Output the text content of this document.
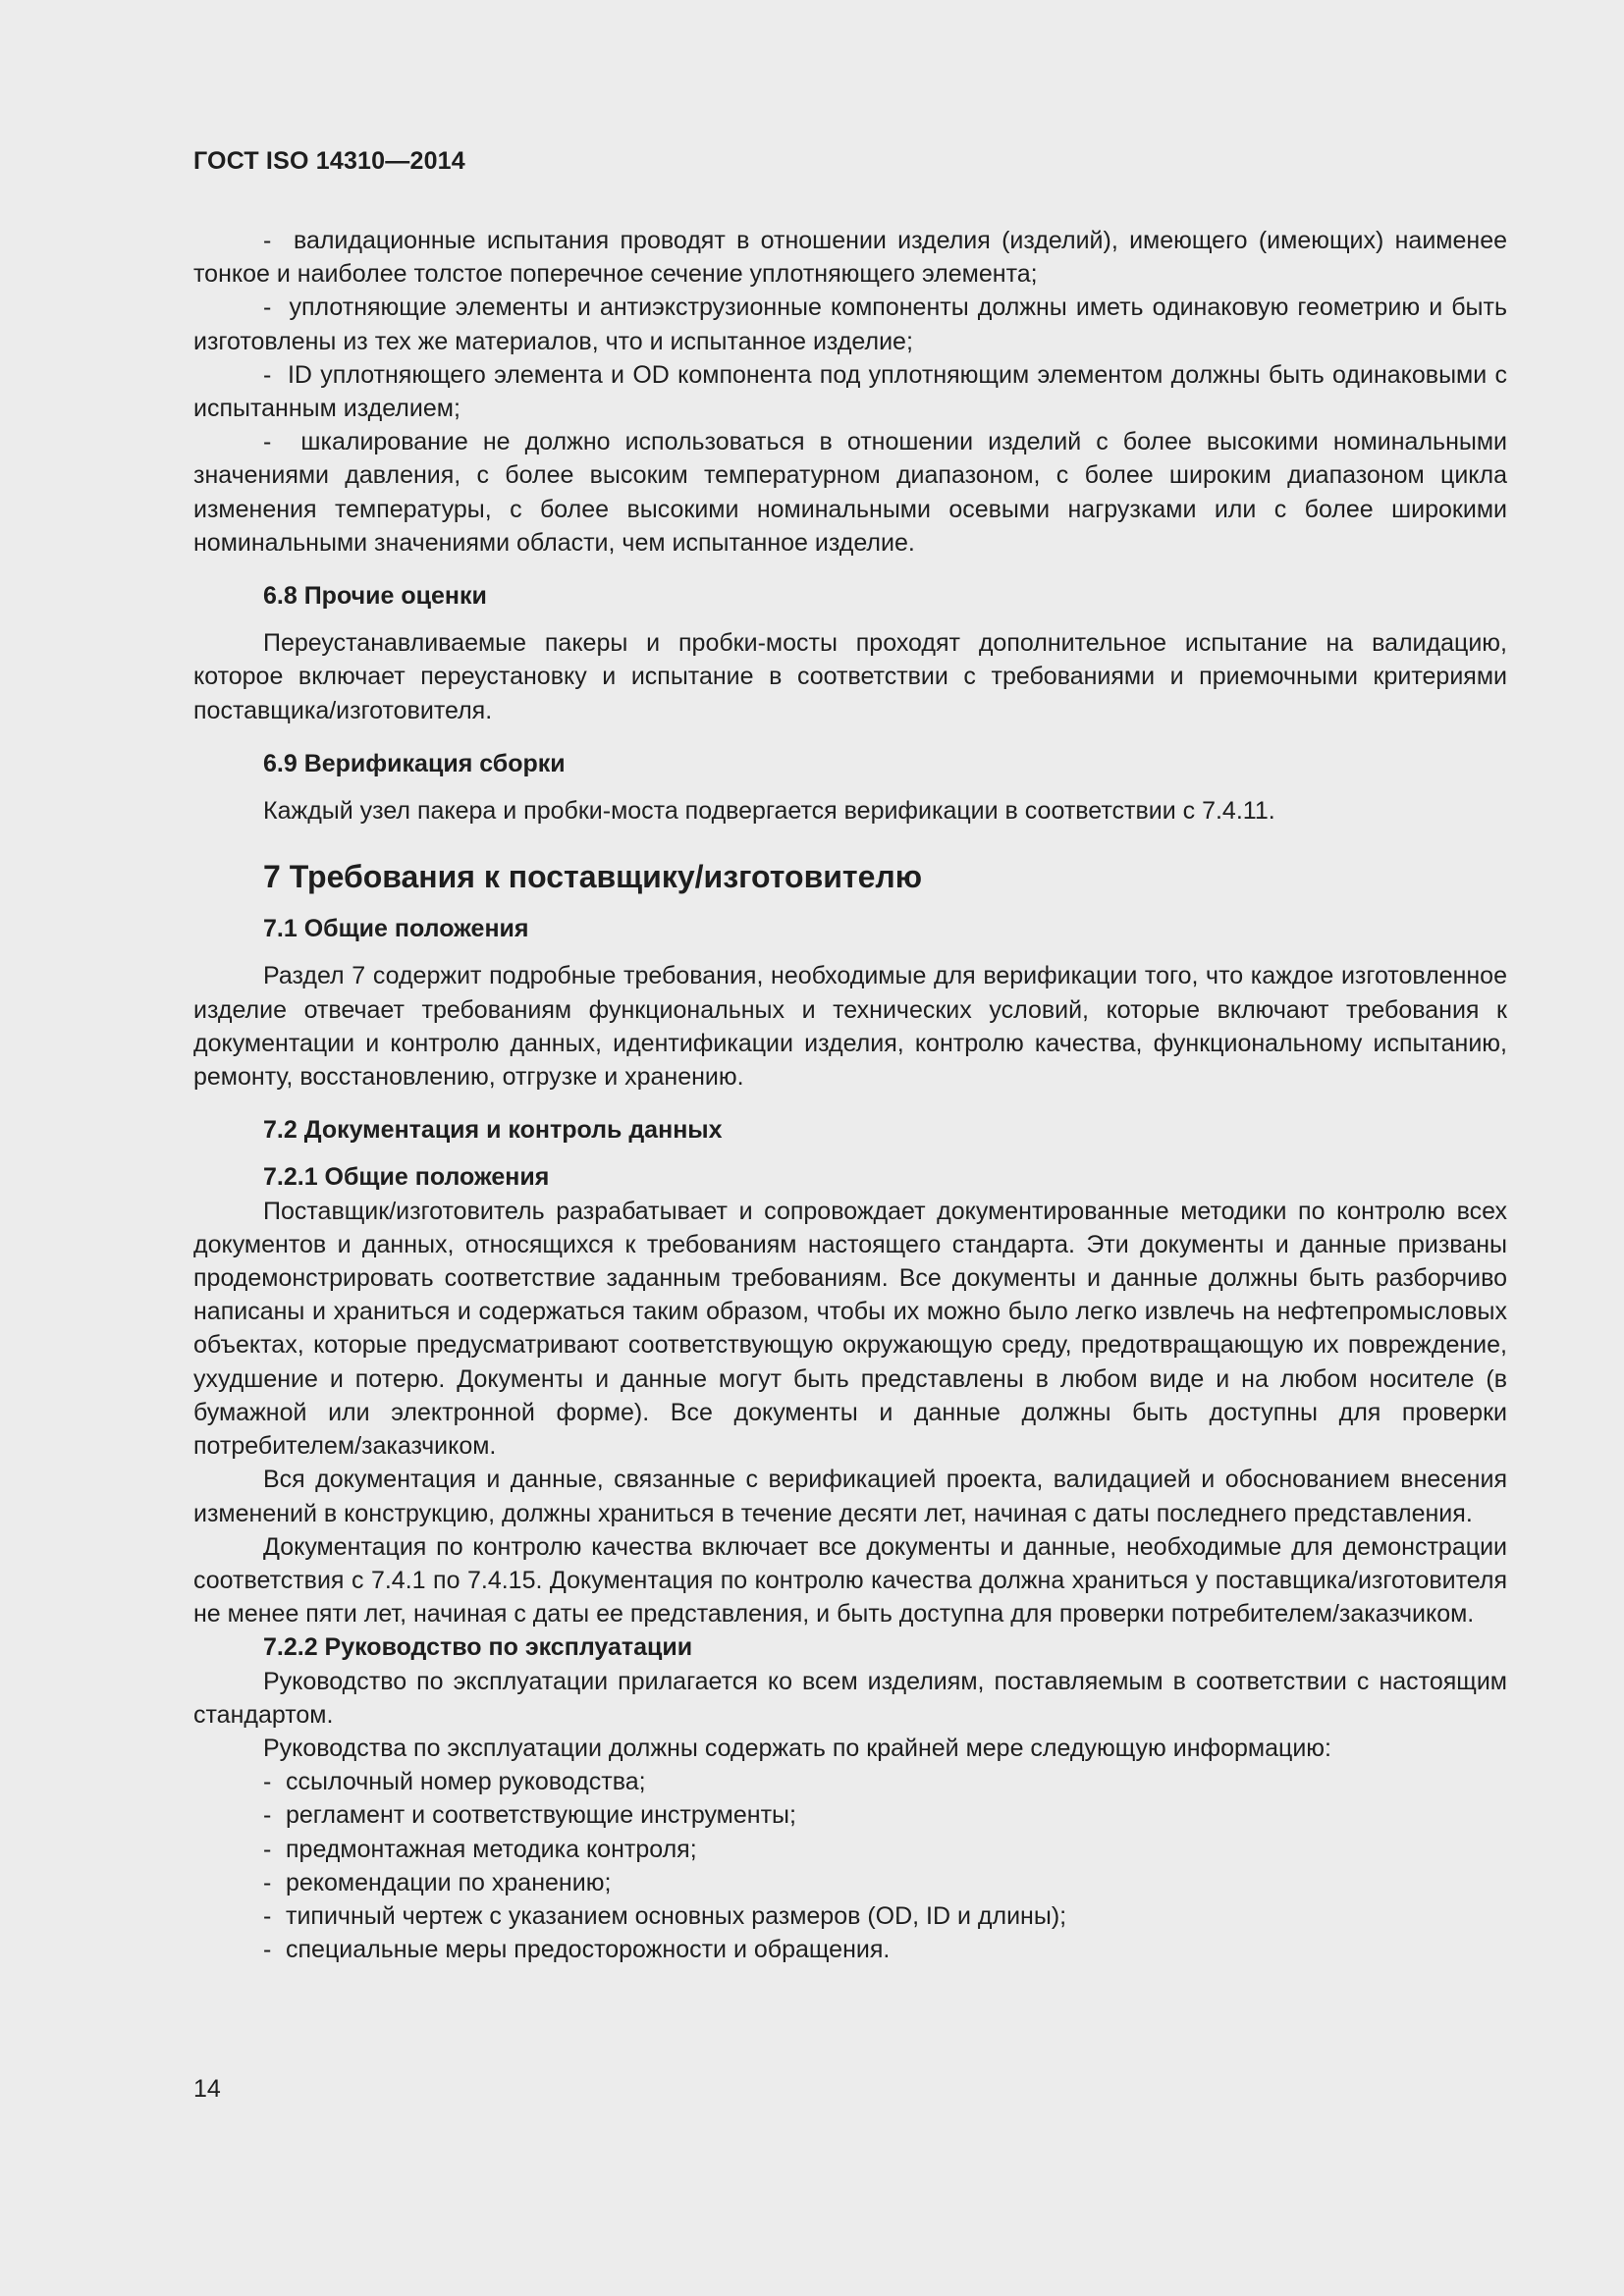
ГОСТ ISO 14310—2014

-  валидационные испытания проводят в отношении изделия (изделий), имеющего (имеющих) наименее тонкое и наиболее толстое поперечное сечение уплотняющего элемента;

-  уплотняющие элементы и антиэкструзионные компоненты должны иметь одинаковую геометрию и быть изготовлены из тех же материалов, что и испытанное изделие;

-  ID уплотняющего элемента и OD компонента под уплотняющим элементом должны быть одинаковыми с испытанным изделием;

-  шкалирование не должно использоваться в отношении изделий с более высокими номинальными значениями давления, с более высоким температурном диапазоном, с более широким диапазоном цикла изменения температуры, с более высокими номинальными осевыми нагрузками или с более широкими номинальными значениями области, чем испытанное изделие.

6.8 Прочие оценки

Переустанавливаемые пакеры и пробки-мосты проходят дополнительное испытание на валидацию, которое включает переустановку и испытание в соответствии с требованиями и приемочными критериями поставщика/изготовителя.

6.9 Верификация сборки

Каждый узел пакера и пробки-моста подвергается верификации в соответствии с 7.4.11.

7 Требования к поставщику/изготовителю
7.1 Общие положения

Раздел 7 содержит подробные требования, необходимые для верификации того, что каждое изготовленное изделие отвечает требованиям функциональных и технических условий, которые включают требования к документации и контролю данных, идентификации изделия, контролю качества, функциональному испытанию, ремонту, восстановлению, отгрузке и хранению.

7.2 Документация и контроль данных
7.2.1 Общие положения

Поставщик/изготовитель разрабатывает и сопровождает документированные методики по контролю всех документов и данных, относящихся к требованиям настоящего стандарта. Эти документы и данные призваны продемонстрировать соответствие заданным требованиям. Все документы и данные должны быть разборчиво написаны и храниться и содержаться таким образом, чтобы их можно было легко извлечь на нефтепромысловых объектах, которые предусматривают соответствующую окружающую среду, предотвращающую их повреждение, ухудшение и потерю. Документы и данные могут быть представлены в любом виде и на любом носителе (в бумажной или электронной форме). Все документы и данные должны быть доступны для проверки потребителем/заказчиком.

Вся документация и данные, связанные с верификацией проекта, валидацией и обоснованием внесения изменений в конструкцию, должны храниться в течение десяти лет, начиная с даты последнего представления.

Документация по контролю качества включает все документы и данные, необходимые для демонстрации соответствия с 7.4.1 по 7.4.15. Документация по контролю качества должна храниться у поставщика/изготовителя не менее пяти лет, начиная с даты ее представления, и быть доступна для проверки потребителем/заказчиком.

7.2.2 Руководство по эксплуатации

Руководство по эксплуатации прилагается ко всем изделиям, поставляемым в соответствии с настоящим стандартом.

Руководства по эксплуатации должны содержать по крайней мере следующую информацию:

- ссылочный номер руководства;
- регламент и соответствующие инструменты;
- предмонтажная методика контроля;
- рекомендации по хранению;
- типичный чертеж с указанием основных размеров (OD, ID и длины);
- специальные меры предосторожности и обращения.
14
